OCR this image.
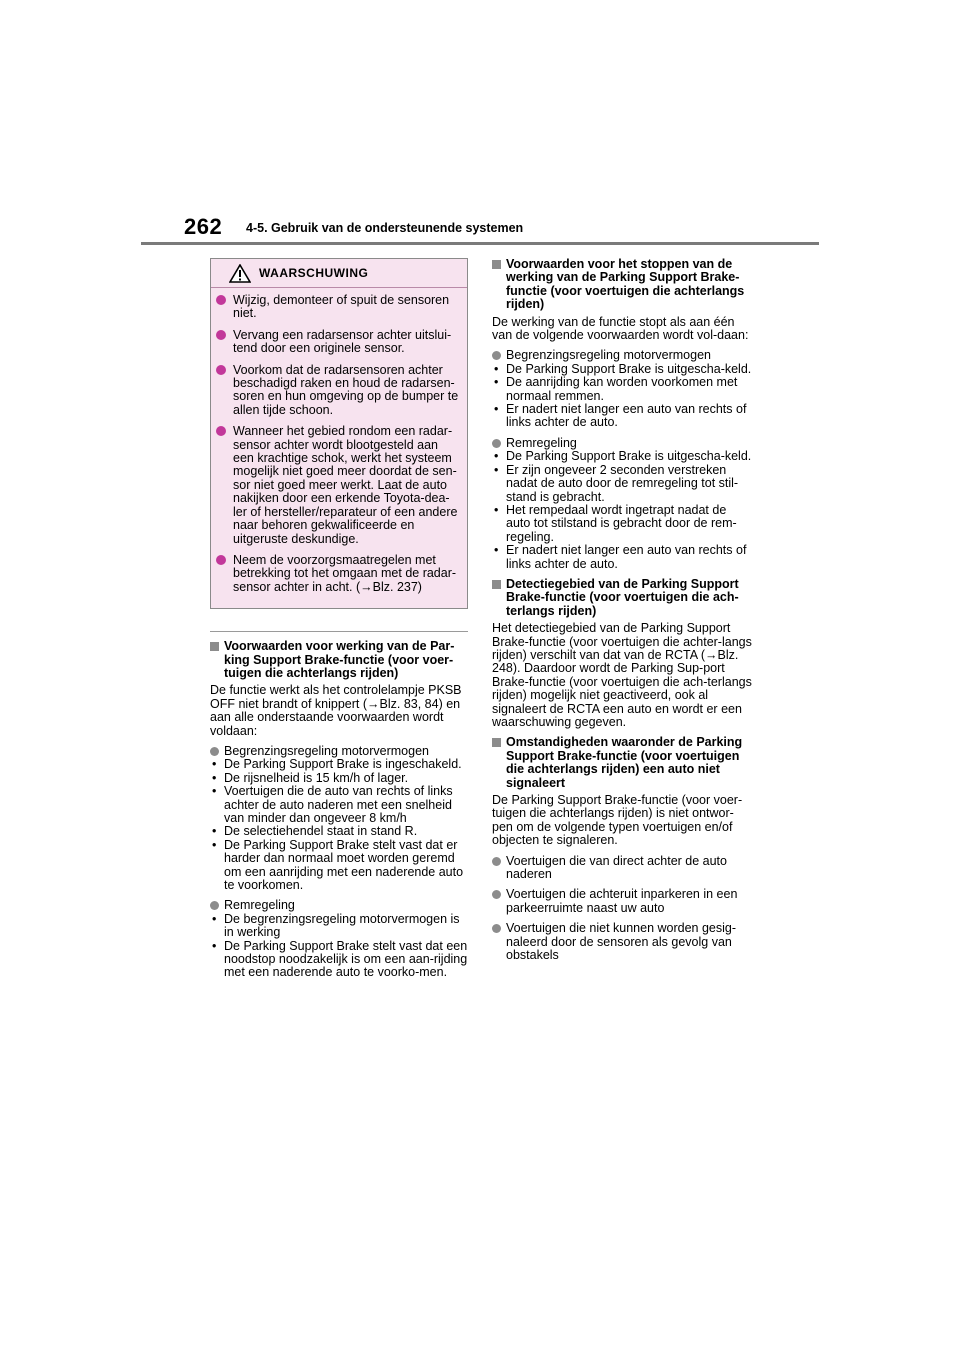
262 4-5. Gebruik van de ondersteunende systemen
WAARSCHUWING
Wijzig, demonteer of spuit de sensoren niet.
Vervang een radarsensor achter uitslui-tend door een originele sensor.
Voorkom dat de radarsensoren achter beschadigd raken en houd de radarsen-soren en hun omgeving op de bumper te allen tijde schoon.
Wanneer het gebied rondom een radar-sensor achter wordt blootgesteld aan een krachtige schok, werkt het systeem mogelijk niet goed meer doordat de sen-sor niet goed meer werkt. Laat de auto nakijken door een erkende Toyota-dea-ler of hersteller/reparateur of een andere naar behoren gekwalificeerde en uitgeruste deskundige.
Neem de voorzorgsmaatregelen met betrekking tot het omgaan met de radar-sensor achter in acht. (→Blz. 237)
Voorwaarden voor werking van de Par-king Support Brake-functie (voor voer-tuigen die achterlangs rijden)
De functie werkt als het controlelampje PKSB OFF niet brandt of knippert (→Blz. 83, 84) en aan alle onderstaande voorwaarden wordt voldaan:
Begrenzingsregeling motorvermogen
• De Parking Support Brake is ingeschakeld.
• De rijsnelheid is 15 km/h of lager.
• Voertuigen die de auto van rechts of links achter de auto naderen met een snelheid van minder dan ongeveer 8 km/h
• De selectiehendel staat in stand R.
• De Parking Support Brake stelt vast dat er harder dan normaal moet worden geremd om een aanrijding met een naderende auto te voorkomen.
Remregeling
• De begrenzingsregeling motorvermogen is in werking
• De Parking Support Brake stelt vast dat een noodstop noodzakelijk is om een aan-rijding met een naderende auto te voorko-men.
Voorwaarden voor het stoppen van de werking van de Parking Support Brake-functie (voor voertuigen die achterlangs rijden)
De werking van de functie stopt als aan één van de volgende voorwaarden wordt vol-daan:
Begrenzingsregeling motorvermogen
• De Parking Support Brake is uitgescha-keld.
• De aanrijding kan worden voorkomen met normaal remmen.
• Er nadert niet langer een auto van rechts of links achter de auto.
Remregeling
• De Parking Support Brake is uitgescha-keld.
• Er zijn ongeveer 2 seconden verstreken nadat de auto door de remregeling tot stil-stand is gebracht.
• Het rempedaal wordt ingetrapt nadat de auto tot stilstand is gebracht door de rem-regeling.
• Er nadert niet langer een auto van rechts of links achter de auto.
Detectiegebied van de Parking Support Brake-functie (voor voertuigen die ach-terlangs rijden)
Het detectiegebied van de Parking Support Brake-functie (voor voertuigen die achter-langs rijden) verschilt van dat van de RCTA (→Blz. 248). Daardoor wordt de Parking Sup-port Brake-functie (voor voertuigen die ach-terlangs rijden) mogelijk niet geactiveerd, ook al signaleert de RCTA een auto en wordt er een waarschuwing gegeven.
Omstandigheden waaronder de Parking Support Brake-functie (voor voertuigen die achterlangs rijden) een auto niet signaleert
De Parking Support Brake-functie (voor voer-tuigen die achterlangs rijden) is niet ontwor-pen om de volgende typen voertuigen en/of objecten te signaleren.
Voertuigen die van direct achter de auto naderen
Voertuigen die achteruit inparkeren in een parkeerruimte naast uw auto
Voertuigen die niet kunnen worden gesig-naleerd door de sensoren als gevolg van obstakels
